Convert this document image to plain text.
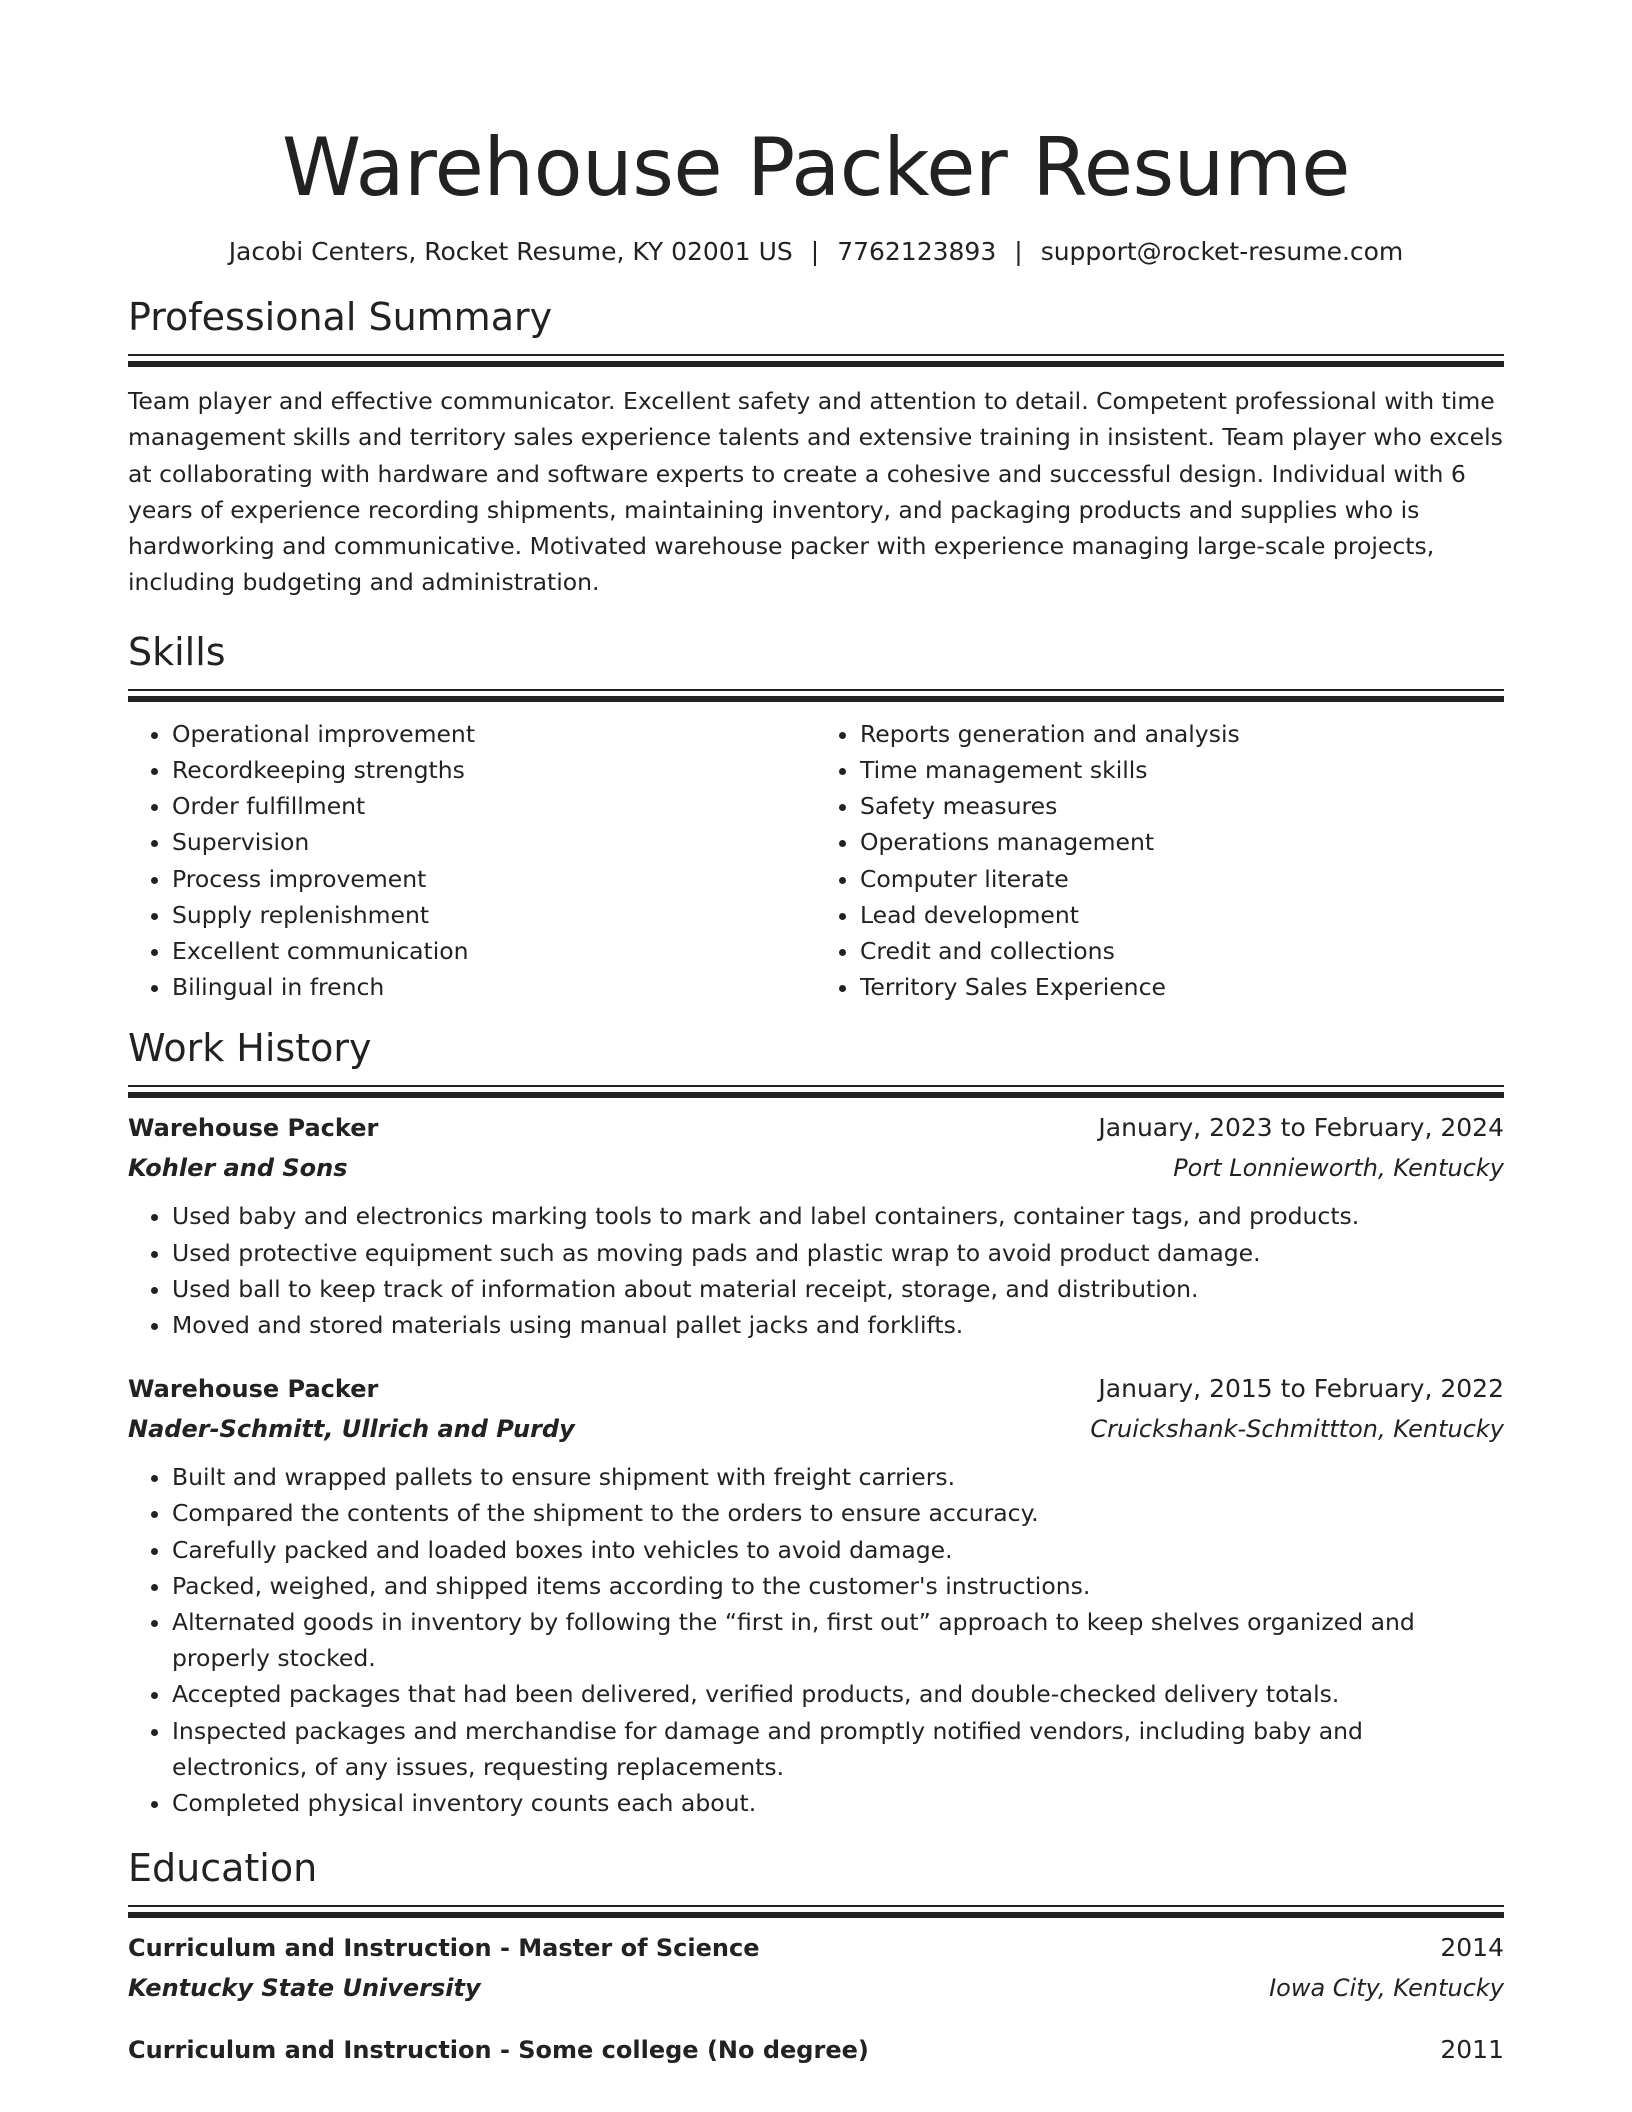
Warehouse Packer Resume
Jacobi Centers, Rocket Resume, KY 02001 US | 7762123893 | support@rocket-resume.com
Professional Summary

Team player and effective communicator. Excellent safety and attention to detail. Competent professional with time management skills and territory sales experience talents and extensive training in insistent. Team player who excels at collaborating with hardware and software experts to create a cohesive and successful design. Individual with 6 years of experience recording shipments, maintaining inventory, and packaging products and supplies who is hardworking and communicative. Motivated warehouse packer with experience managing large-scale projects, including budgeting and administration.

Skills
• Operational improvement
• Recordkeeping strengths
• Order fulfillment
• Supervision
• Process improvement
• Supply replenishment
• Excellent communication
• Bilingual in french
• Reports generation and analysis
• Time management skills
• Safety measures
• Operations management
• Computer literate
• Lead development
• Credit and collections
• Territory Sales Experience
Work History
Warehouse Packer	January, 2023 to February, 2024
Kohler and Sons	Port Lonnieworth, Kentucky
• Used baby and electronics marking tools to mark and label containers, container tags, and products.
• Used protective equipment such as moving pads and plastic wrap to avoid product damage.
• Used ball to keep track of information about material receipt, storage, and distribution.
• Moved and stored materials using manual pallet jacks and forklifts.
Warehouse Packer	January, 2015 to February, 2022
Nader-Schmitt, Ullrich and Purdy	Cruickshank-Schmittton, Kentucky
• Built and wrapped pallets to ensure shipment with freight carriers.
• Compared the contents of the shipment to the orders to ensure accuracy.
• Carefully packed and loaded boxes into vehicles to avoid damage.
• Packed, weighed, and shipped items according to the customer's instructions.
• Alternated goods in inventory by following the “first in, first out” approach to keep shelves organized and properly stocked.
• Accepted packages that had been delivered, verified products, and double-checked delivery totals.
• Inspected packages and merchandise for damage and promptly notified vendors, including baby and electronics, of any issues, requesting replacements.
• Completed physical inventory counts each about.
Education
Curriculum and Instruction - Master of Science	2014
Kentucky State University	Iowa City, Kentucky
Curriculum and Instruction - Some college (No degree)	2011
